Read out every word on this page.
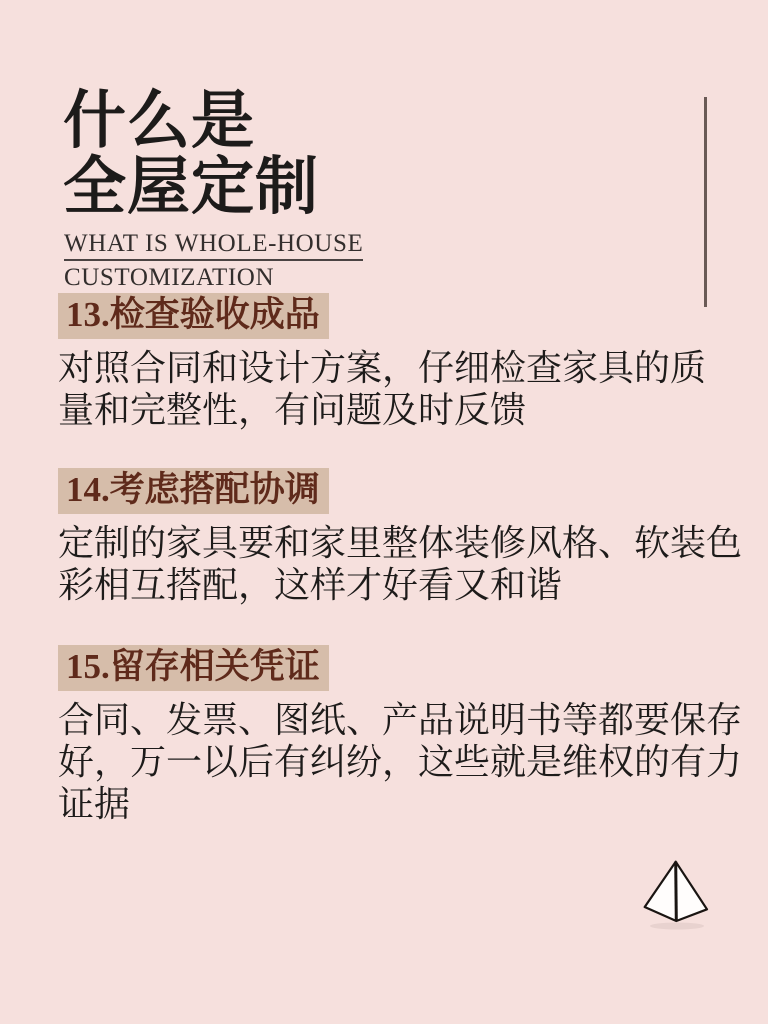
什么是
全屋定制
WHAT IS WHOLE-HOUSE
CUSTOMIZATION
13.检查验收成品
对照合同和设计方案，仔细检查家具的质
量和完整性，有问题及时反馈
14.考虑搭配协调
定制的家具要和家里整体装修风格、软装色
彩相互搭配，这样才好看又和谐
15.留存相关凭证
合同、发票、图纸、产品说明书等都要保存
好，万一以后有纠纷，这些就是维权的有力
证据
